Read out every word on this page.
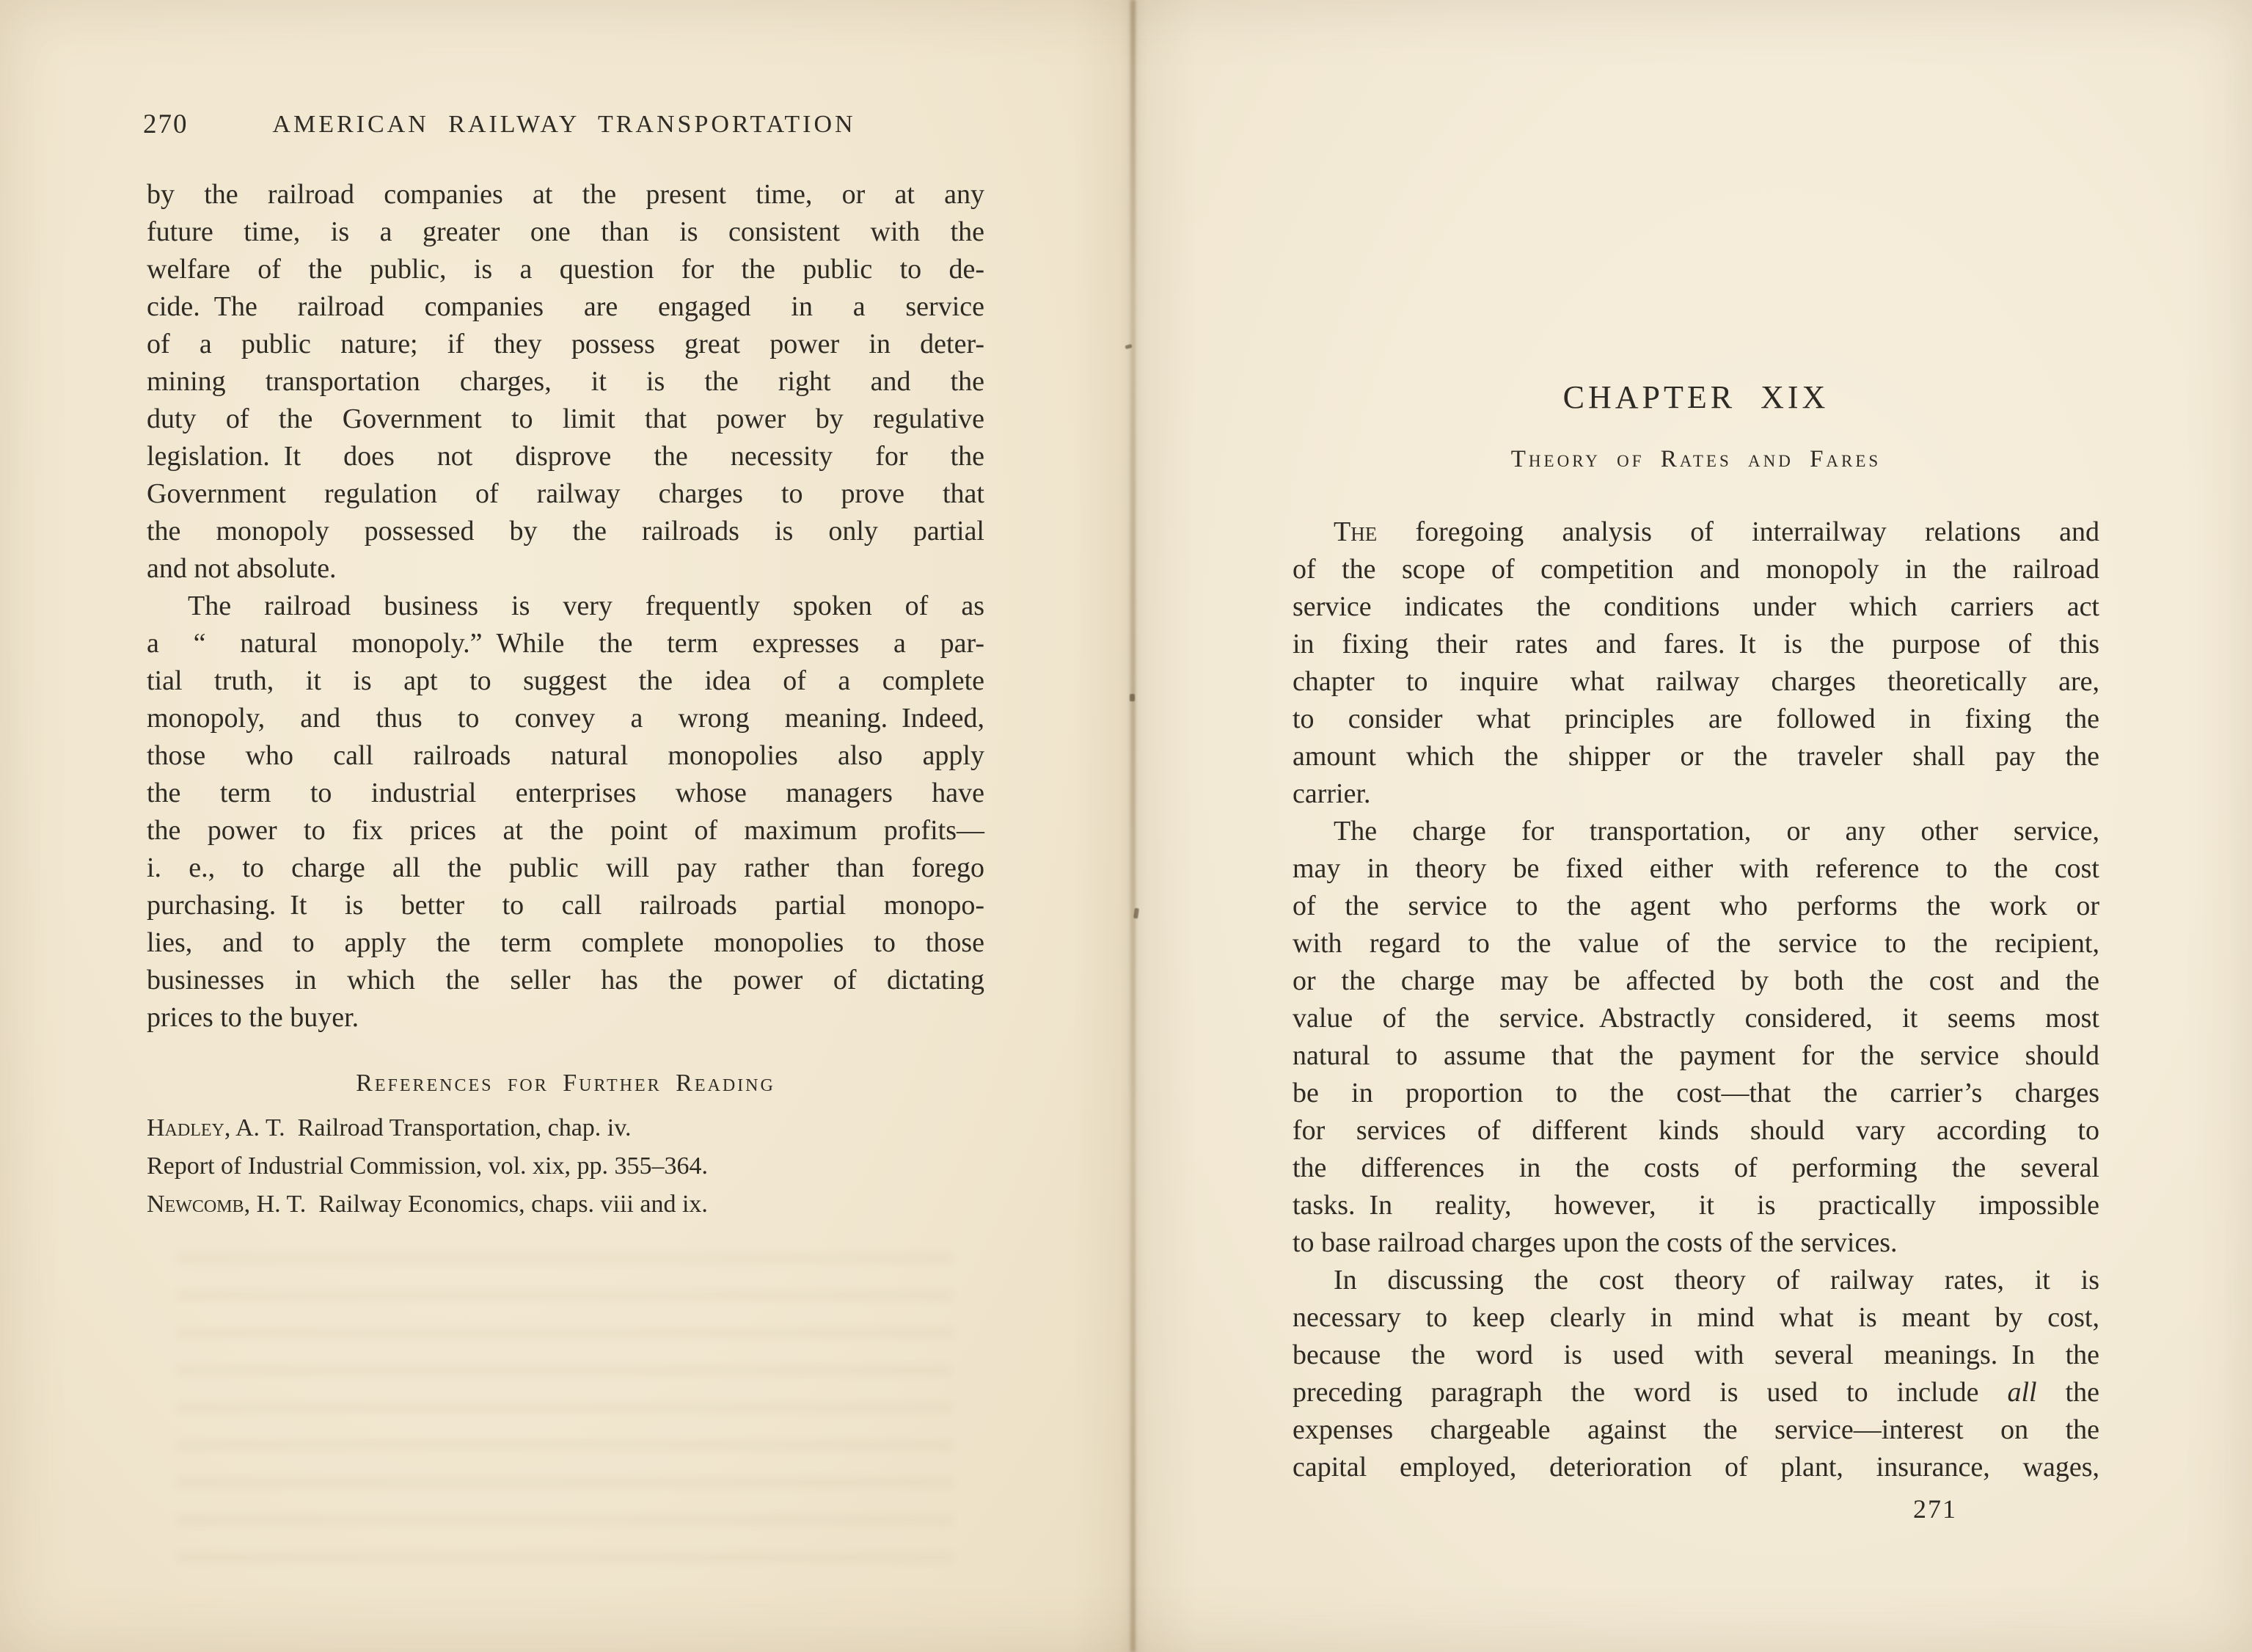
270	AMERICAN RAILWAY TRANSPORTATION
by the railroad companies at the present time, or at any
future time, is a greater one than is consistent with the
welfare of the public, is a question for the public to de-
cide. The railroad companies are engaged in a service
of a public nature; if they possess great power in deter-
mining transportation charges, it is the right and the
duty of the Government to limit that power by regulative
legislation. It does not disprove the necessity for the
Government regulation of railway charges to prove that
the monopoly possessed by the railroads is only partial
and not absolute.
The railroad business is very frequently spoken of as
a “ natural monopoly.” While the term expresses a par-
tial truth, it is apt to suggest the idea of a complete
monopoly, and thus to convey a wrong meaning. Indeed,
those who call railroads natural monopolies also apply
the term to industrial enterprises whose managers have
the power to fix prices at the point of maximum profits—
i. e., to charge all the public will pay rather than forego
purchasing. It is better to call railroads partial monopo-
lies, and to apply the term complete monopolies to those
businesses in which the seller has the power of dictating
prices to the buyer.
References for Further Reading
Hadley, A. T. Railroad Transportation, chap. iv.
Report of Industrial Commission, vol. xix, pp. 355–364.
Newcomb, H. T. Railway Economics, chaps. viii and ix.
CHAPTER XIX
Theory of Rates and Fares
The foregoing analysis of interrailway relations and
of the scope of competition and monopoly in the railroad
service indicates the conditions under which carriers act
in fixing their rates and fares. It is the purpose of this
chapter to inquire what railway charges theoretically are,
to consider what principles are followed in fixing the
amount which the shipper or the traveler shall pay the
carrier.
The charge for transportation, or any other service,
may in theory be fixed either with reference to the cost
of the service to the agent who performs the work or
with regard to the value of the service to the recipient,
or the charge may be affected by both the cost and the
value of the service. Abstractly considered, it seems most
natural to assume that the payment for the service should
be in proportion to the cost—that the carrier’s charges
for services of different kinds should vary according to
the differences in the costs of performing the several
tasks. In reality, however, it is practically impossible
to base railroad charges upon the costs of the services.
In discussing the cost theory of railway rates, it is
necessary to keep clearly in mind what is meant by cost,
because the word is used with several meanings. In the
preceding paragraph the word is used to include all the
expenses chargeable against the service—interest on the
capital employed, deterioration of plant, insurance, wages,
271
